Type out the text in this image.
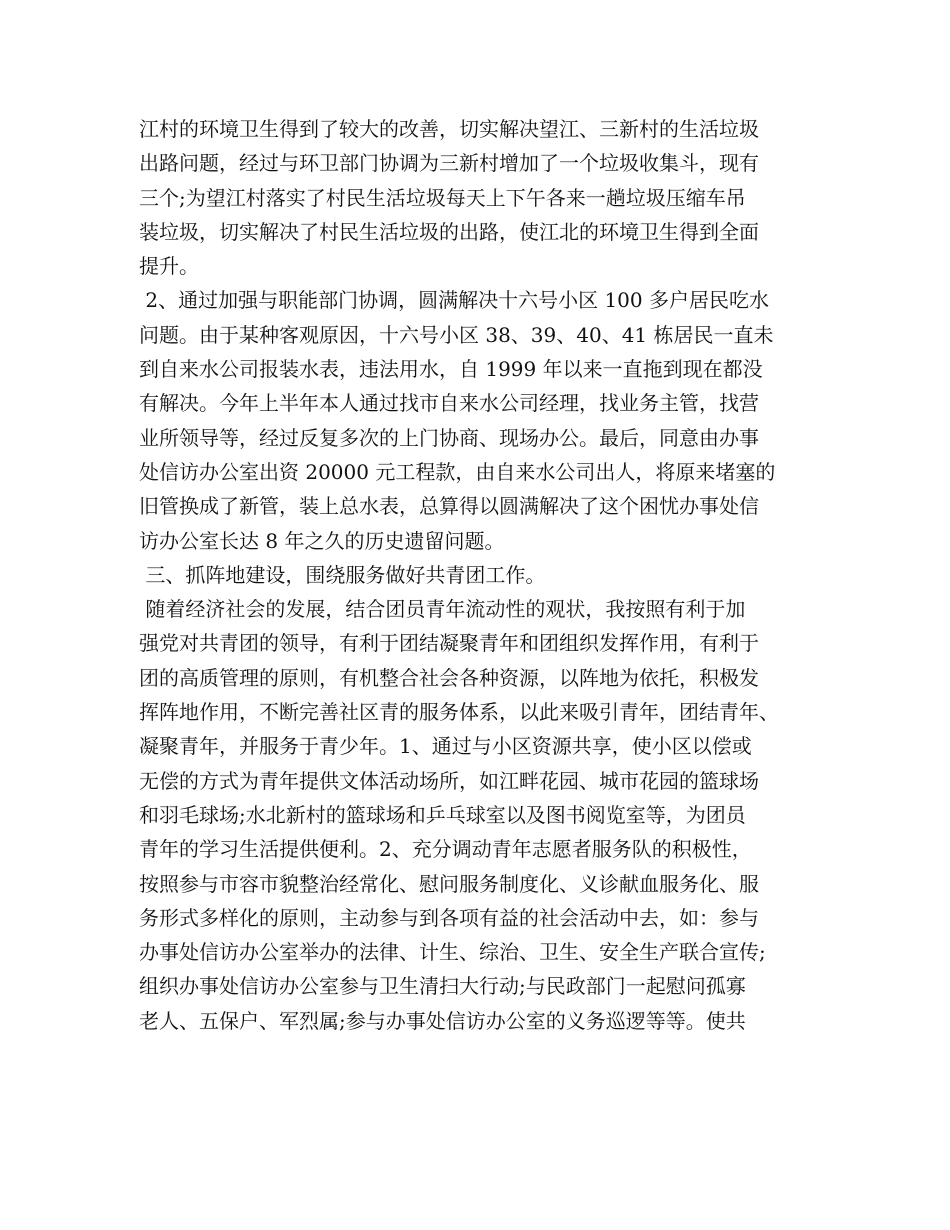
江村的环境卫生得到了较大的改善，切实解决望江、三新村的生活垃圾
出路问题，经过与环卫部门协调为三新村增加了一个垃圾收集斗，现有
三个;为望江村落实了村民生活垃圾每天上下午各来一趟垃圾压缩车吊
装垃圾，切实解决了村民生活垃圾的出路，使江北的环境卫生得到全面
提升。
2、通过加强与职能部门协调，圆满解决十六号小区 100 多户居民吃水
问题。由于某种客观原因，十六号小区 38、39、40、41 栋居民一直未
到自来水公司报装水表，违法用水，自 1999 年以来一直拖到现在都没
有解决。今年上半年本人通过找市自来水公司经理，找业务主管，找营
业所领导等，经过反复多次的上门协商、现场办公。最后，同意由办事
处信访办公室出资 20000 元工程款，由自来水公司出人，将原来堵塞的
旧管换成了新管，装上总水表，总算得以圆满解决了这个困忧办事处信
访办公室长达 8 年之久的历史遗留问题。
三、抓阵地建设，围绕服务做好共青团工作。
随着经济社会的发展，结合团员青年流动性的观状，我按照有利于加
强党对共青团的领导，有利于团结凝聚青年和团组织发挥作用，有利于
团的高质管理的原则，有机整合社会各种资源，以阵地为依托，积极发
挥阵地作用，不断完善社区青的服务体系，以此来吸引青年，团结青年、
凝聚青年，并服务于青少年。1、通过与小区资源共享，使小区以偿或
无偿的方式为青年提供文体活动场所，如江畔花园、城市花园的篮球场
和羽毛球场;水北新村的篮球场和乒乓球室以及图书阅览室等，为团员
青年的学习生活提供便利。2、充分调动青年志愿者服务队的积极性，
按照参与市容市貌整治经常化、慰问服务制度化、义诊献血服务化、服
务形式多样化的原则，主动参与到各项有益的社会活动中去，如：参与
办事处信访办公室举办的法律、计生、综治、卫生、安全生产联合宣传;
组织办事处信访办公室参与卫生清扫大行动;与民政部门一起慰问孤寡
老人、五保户、军烈属;参与办事处信访办公室的义务巡逻等等。使共
